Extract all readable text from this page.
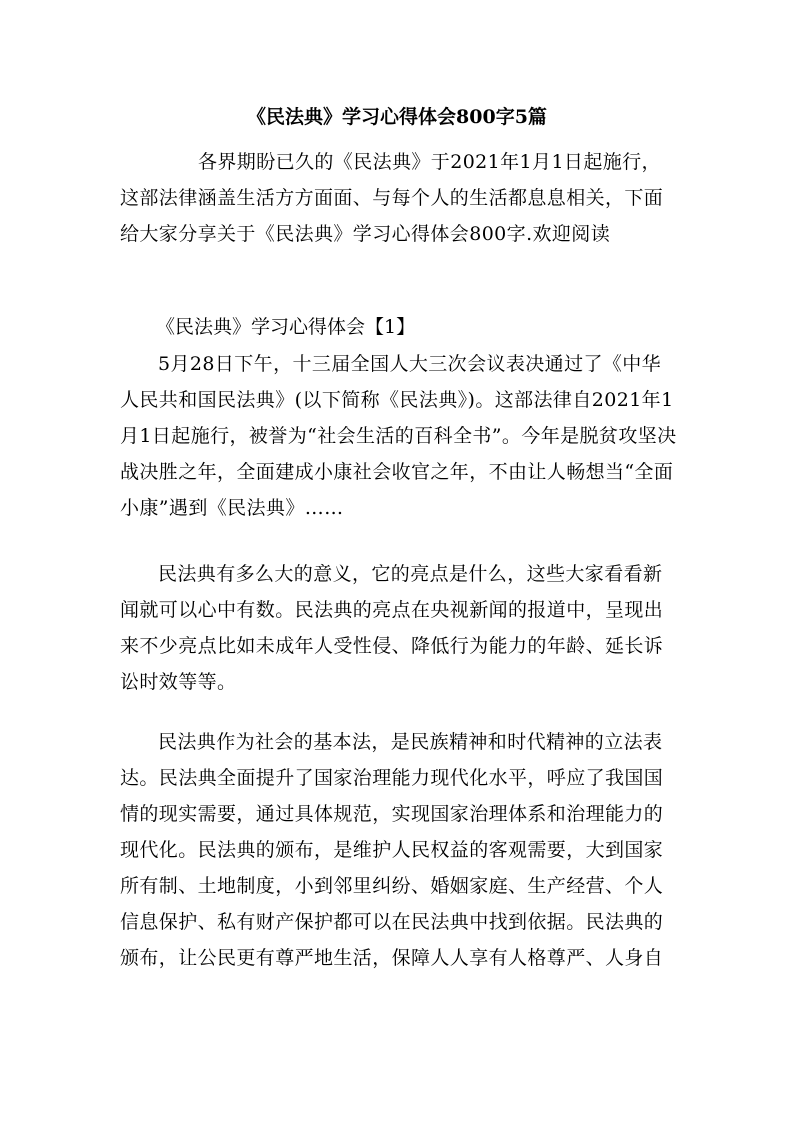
《民法典》学习心得体会800字5篇

各界期盼已久的《民法典》于2021年1月1日起施行，这部法律涵盖生活方方面面、与每个人的生活都息息相关，下面给大家分享关于《民法典》学习心得体会800字.欢迎阅读

《民法典》学习心得体会【1】

5月28日下午，十三届全国人大三次会议表决通过了《中华人民共和国民法典》(以下简称《民法典》)。这部法律自2021年1月1日起施行，被誉为“社会生活的百科全书”。今年是脱贫攻坚决战决胜之年，全面建成小康社会收官之年，不由让人畅想当“全面小康”遇到《民法典》……

民法典有多么大的意义，它的亮点是什么，这些大家看看新闻就可以心中有数。民法典的亮点在央视新闻的报道中，呈现出来不少亮点比如未成年人受性侵、降低行为能力的年龄、延长诉讼时效等等。

民法典作为社会的基本法，是民族精神和时代精神的立法表达。民法典全面提升了国家治理能力现代化水平，呼应了我国国情的现实需要，通过具体规范，实现国家治理体系和治理能力的现代化。民法典的颁布，是维护人民权益的客观需要，大到国家所有制、土地制度，小到邻里纠纷、婚姻家庭、生产经营、个人信息保护、私有财产保护都可以在民法典中找到依据。民法典的颁布，让公民更有尊严地生活，保障人人享有人格尊严、人身自
